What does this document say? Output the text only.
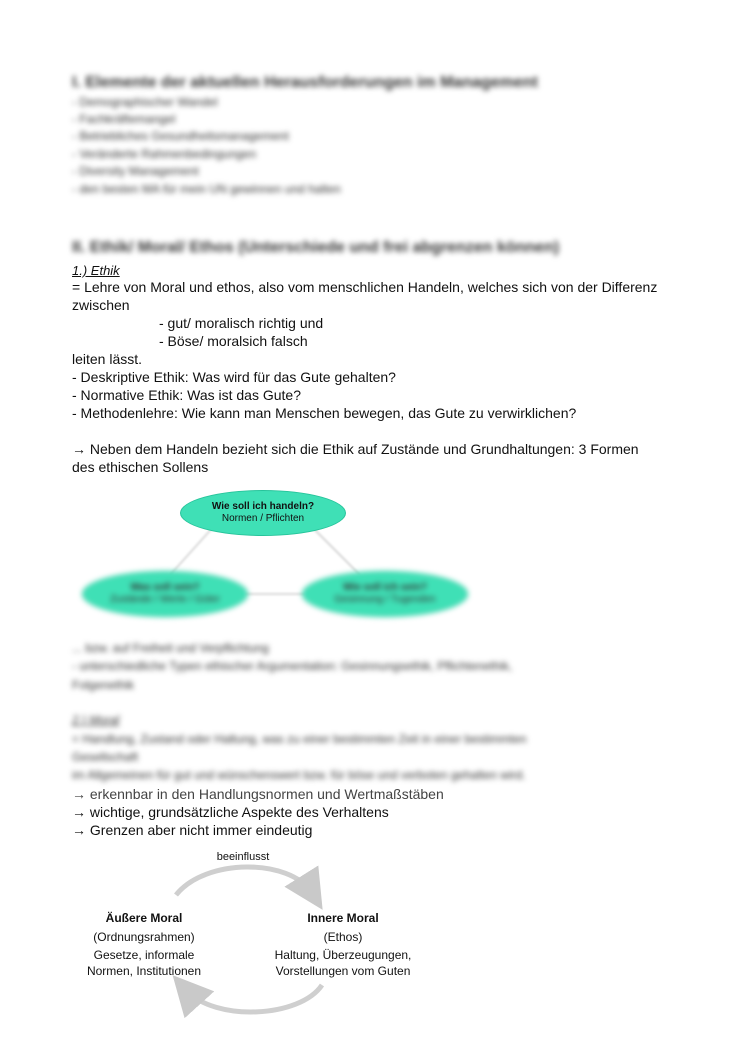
I. Elemente der aktuellen Herausforderungen im Management
- Demographischer Wandel
- Fachkräftemangel
- Betriebliches Gesundheitsmanagement
- Veränderte Rahmenbedingungen
- Diversity Management
- den besten MA für mein UN gewinnen und halten
II. Ethik/ Moral/ Ethos (Unterschiede und frei abgrenzen können)
1.) Ethik
= Lehre von Moral und ethos, also vom menschlichen Handeln, welches sich von der Differenz
zwischen
- gut/ moralisch richtig und
- Böse/ moralsich falsch
leiten lässt.
- Deskriptive Ethik: Was wird für das Gute gehalten?
- Normative Ethik: Was ist das Gute?
- Methodenlehre: Wie kann man Menschen bewegen, das Gute zu verwirklichen?
→ Neben dem Handeln bezieht sich die Ethik auf Zustände und Grundhaltungen: 3 Formen
des ethischen Sollens
Wie soll ich handeln?
Normen / Pflichten
Was soll sein?
Zustände / Werte / Güter
Wie soll ich sein?
Gesinnung / Tugenden
... bzw. auf Freiheit und Verpflichtung
- unterschiedliche Typen ethischer Argumentation: Gesinnungsethik, Pflichtenethik,
Folgenethik
2.) Moral
= Handlung, Zustand oder Haltung, was zu einer bestimmten Zeit in einer bestimmten
Gesellschaft
im Allgemeinen für gut und wünschenswert bzw. für böse und verboten gehalten wird.
→ erkennbar in den Handlungsnormen und Wertmaßstäben
→ wichtige, grundsätzliche Aspekte des Verhaltens
→ Grenzen aber nicht immer eindeutig
beeinflusst
Äußere Moral
(Ordnungsrahmen)
Gesetze, informale
Normen, Institutionen
Innere Moral
(Ethos)
Haltung, Überzeugungen,
Vorstellungen vom Guten
